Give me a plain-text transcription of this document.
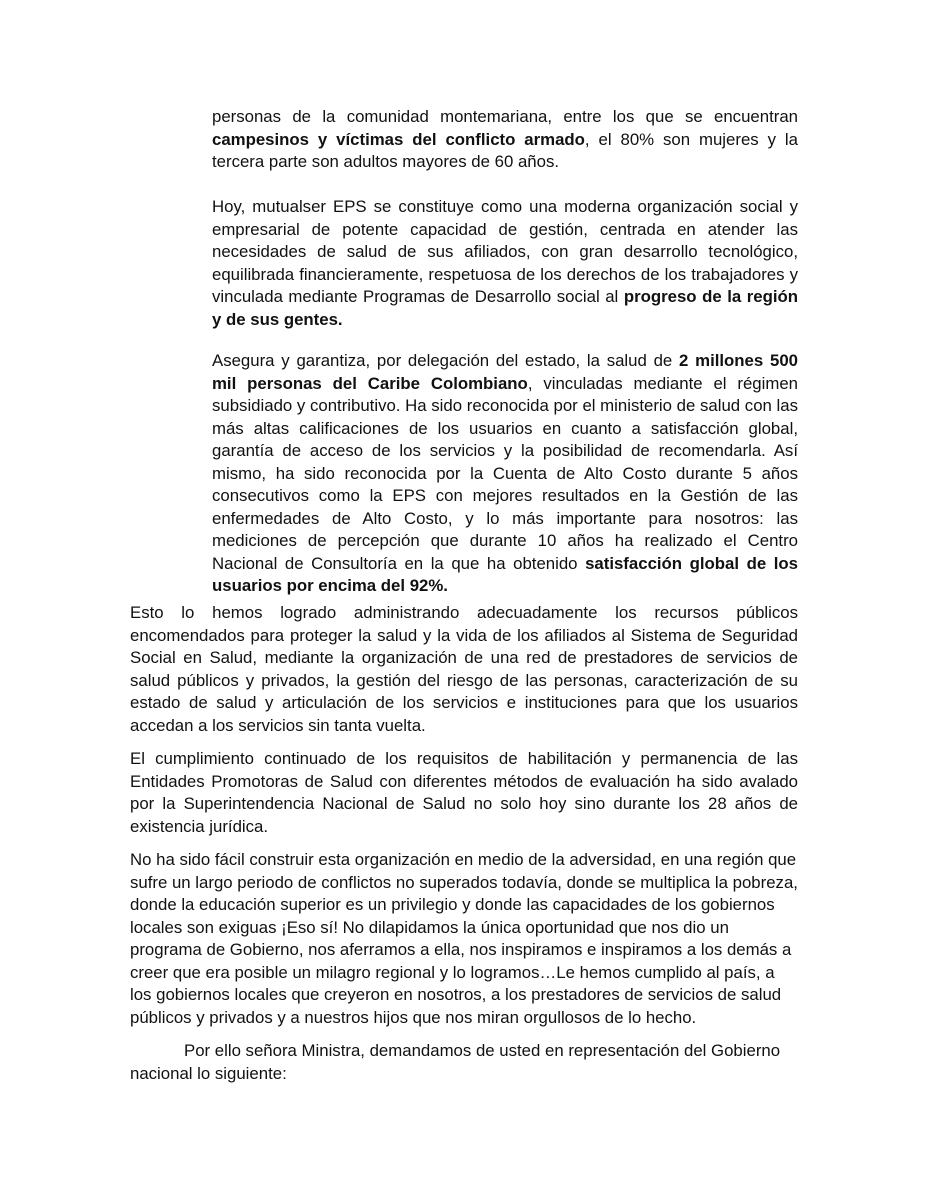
personas de la comunidad montemariana, entre los que se encuentran campesinos y víctimas del conflicto armado, el 80% son mujeres y la tercera parte son adultos mayores de 60 años.

Hoy, mutualser EPS se constituye como una moderna organización social y empresarial de potente capacidad de gestión, centrada en atender las necesidades de salud de sus afiliados, con gran desarrollo tecnológico, equilibrada financieramente, respetuosa de los derechos de los trabajadores y vinculada mediante Programas de Desarrollo social al progreso de la región y de sus gentes.

Asegura y garantiza, por delegación del estado, la salud de 2 millones 500 mil personas del Caribe Colombiano, vinculadas mediante el régimen subsidiado y contributivo. Ha sido reconocida por el ministerio de salud con las más altas calificaciones de los usuarios en cuanto a satisfacción global, garantía de acceso de los servicios y la posibilidad de recomendarla. Así mismo, ha sido reconocida por la Cuenta de Alto Costo durante 5 años consecutivos como la EPS con mejores resultados en la Gestión de las enfermedades de Alto Costo, y lo más importante para nosotros: las mediciones de percepción que durante 10 años ha realizado el Centro Nacional de Consultoría en la que ha obtenido satisfacción global de los usuarios por encima del 92%.

Esto lo hemos logrado administrando adecuadamente los recursos públicos encomendados para proteger la salud y la vida de los afiliados al Sistema de Seguridad Social en Salud, mediante la organización de una red de prestadores de servicios de salud públicos y privados, la gestión del riesgo de las personas, caracterización de su estado de salud y articulación de los servicios e instituciones para que los usuarios accedan a los servicios sin tanta vuelta.

El cumplimiento continuado de los requisitos de habilitación y permanencia de las Entidades Promotoras de Salud con diferentes métodos de evaluación ha sido avalado por la Superintendencia Nacional de Salud no solo hoy sino durante los 28 años de existencia jurídica.

No ha sido fácil construir esta organización en medio de la adversidad, en una región que sufre un largo periodo de conflictos no superados todavía, donde se multiplica la pobreza, donde la educación superior es un privilegio y donde las capacidades de los gobiernos locales son exiguas ¡Eso sí! No dilapidamos la única oportunidad que nos dio un programa de Gobierno, nos aferramos a ella, nos inspiramos e inspiramos a los demás a creer que era posible un milagro regional y lo logramos…Le hemos cumplido al país, a los gobiernos locales que creyeron en nosotros, a los prestadores de servicios de salud públicos y privados y a nuestros hijos que nos miran orgullosos de lo hecho.

Por ello señora Ministra, demandamos de usted en representación del Gobierno nacional lo siguiente:
